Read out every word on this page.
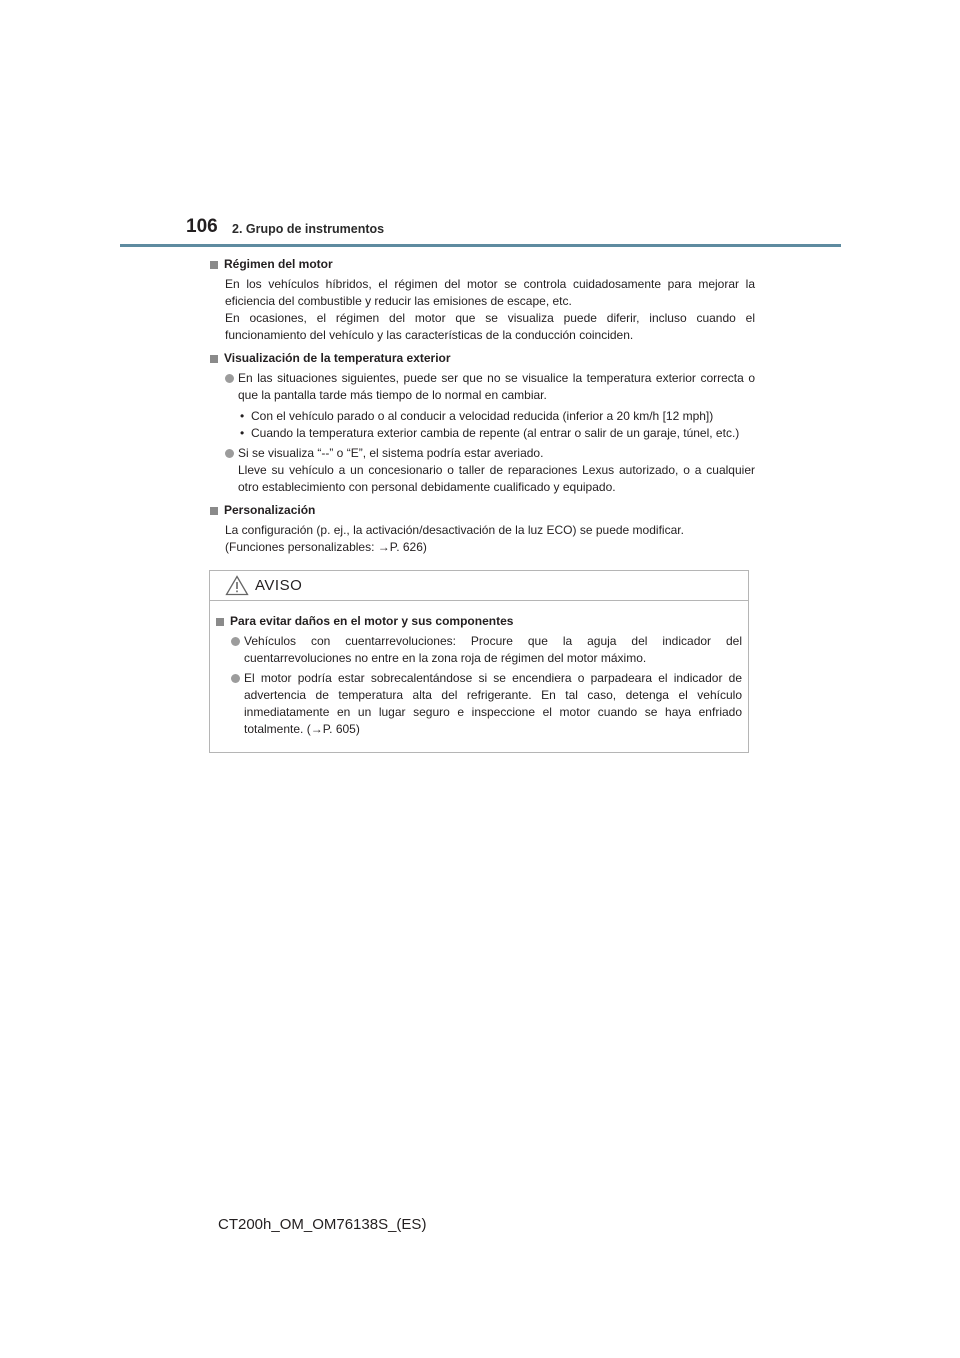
106 2. Grupo de instrumentos
Régimen del motor

En los vehículos híbridos, el régimen del motor se controla cuidadosamente para mejorar la eficiencia del combustible y reducir las emisiones de escape, etc.

En ocasiones, el régimen del motor que se visualiza puede diferir, incluso cuando el funcionamiento del vehículo y las características de la conducción coinciden.

Visualización de la temperatura exterior
En las situaciones siguientes, puede ser que no se visualice la temperatura exterior correcta o que la pantalla tarde más tiempo de lo normal en cambiar.
• Con el vehículo parado o al conducir a velocidad reducida (inferior a 20 km/h [12 mph])
• Cuando la temperatura exterior cambia de repente (al entrar o salir de un garaje, túnel, etc.)
Si se visualiza “--” o “E”, el sistema podría estar averiado.
Lleve su vehículo a un concesionario o taller de reparaciones Lexus autorizado, o a cualquier otro establecimiento con personal debidamente cualificado y equipado.
Personalización

La configuración (p. ej., la activación/desactivación de la luz ECO) se puede modificar.

(Funciones personalizables: →P. 626)

AVISO
Para evitar daños en el motor y sus componentes
Vehículos con cuentarrevoluciones: Procure que la aguja del indicador del cuentarrevoluciones no entre en la zona roja de régimen del motor máximo.
El motor podría estar sobrecalentándose si se encendiera o parpadeara el indicador de advertencia de temperatura alta del refrigerante. En tal caso, detenga el vehículo inmediatamente en un lugar seguro e inspeccione el motor cuando se haya enfriado totalmente. (→P. 605)
CT200h_OM_OM76138S_(ES)
